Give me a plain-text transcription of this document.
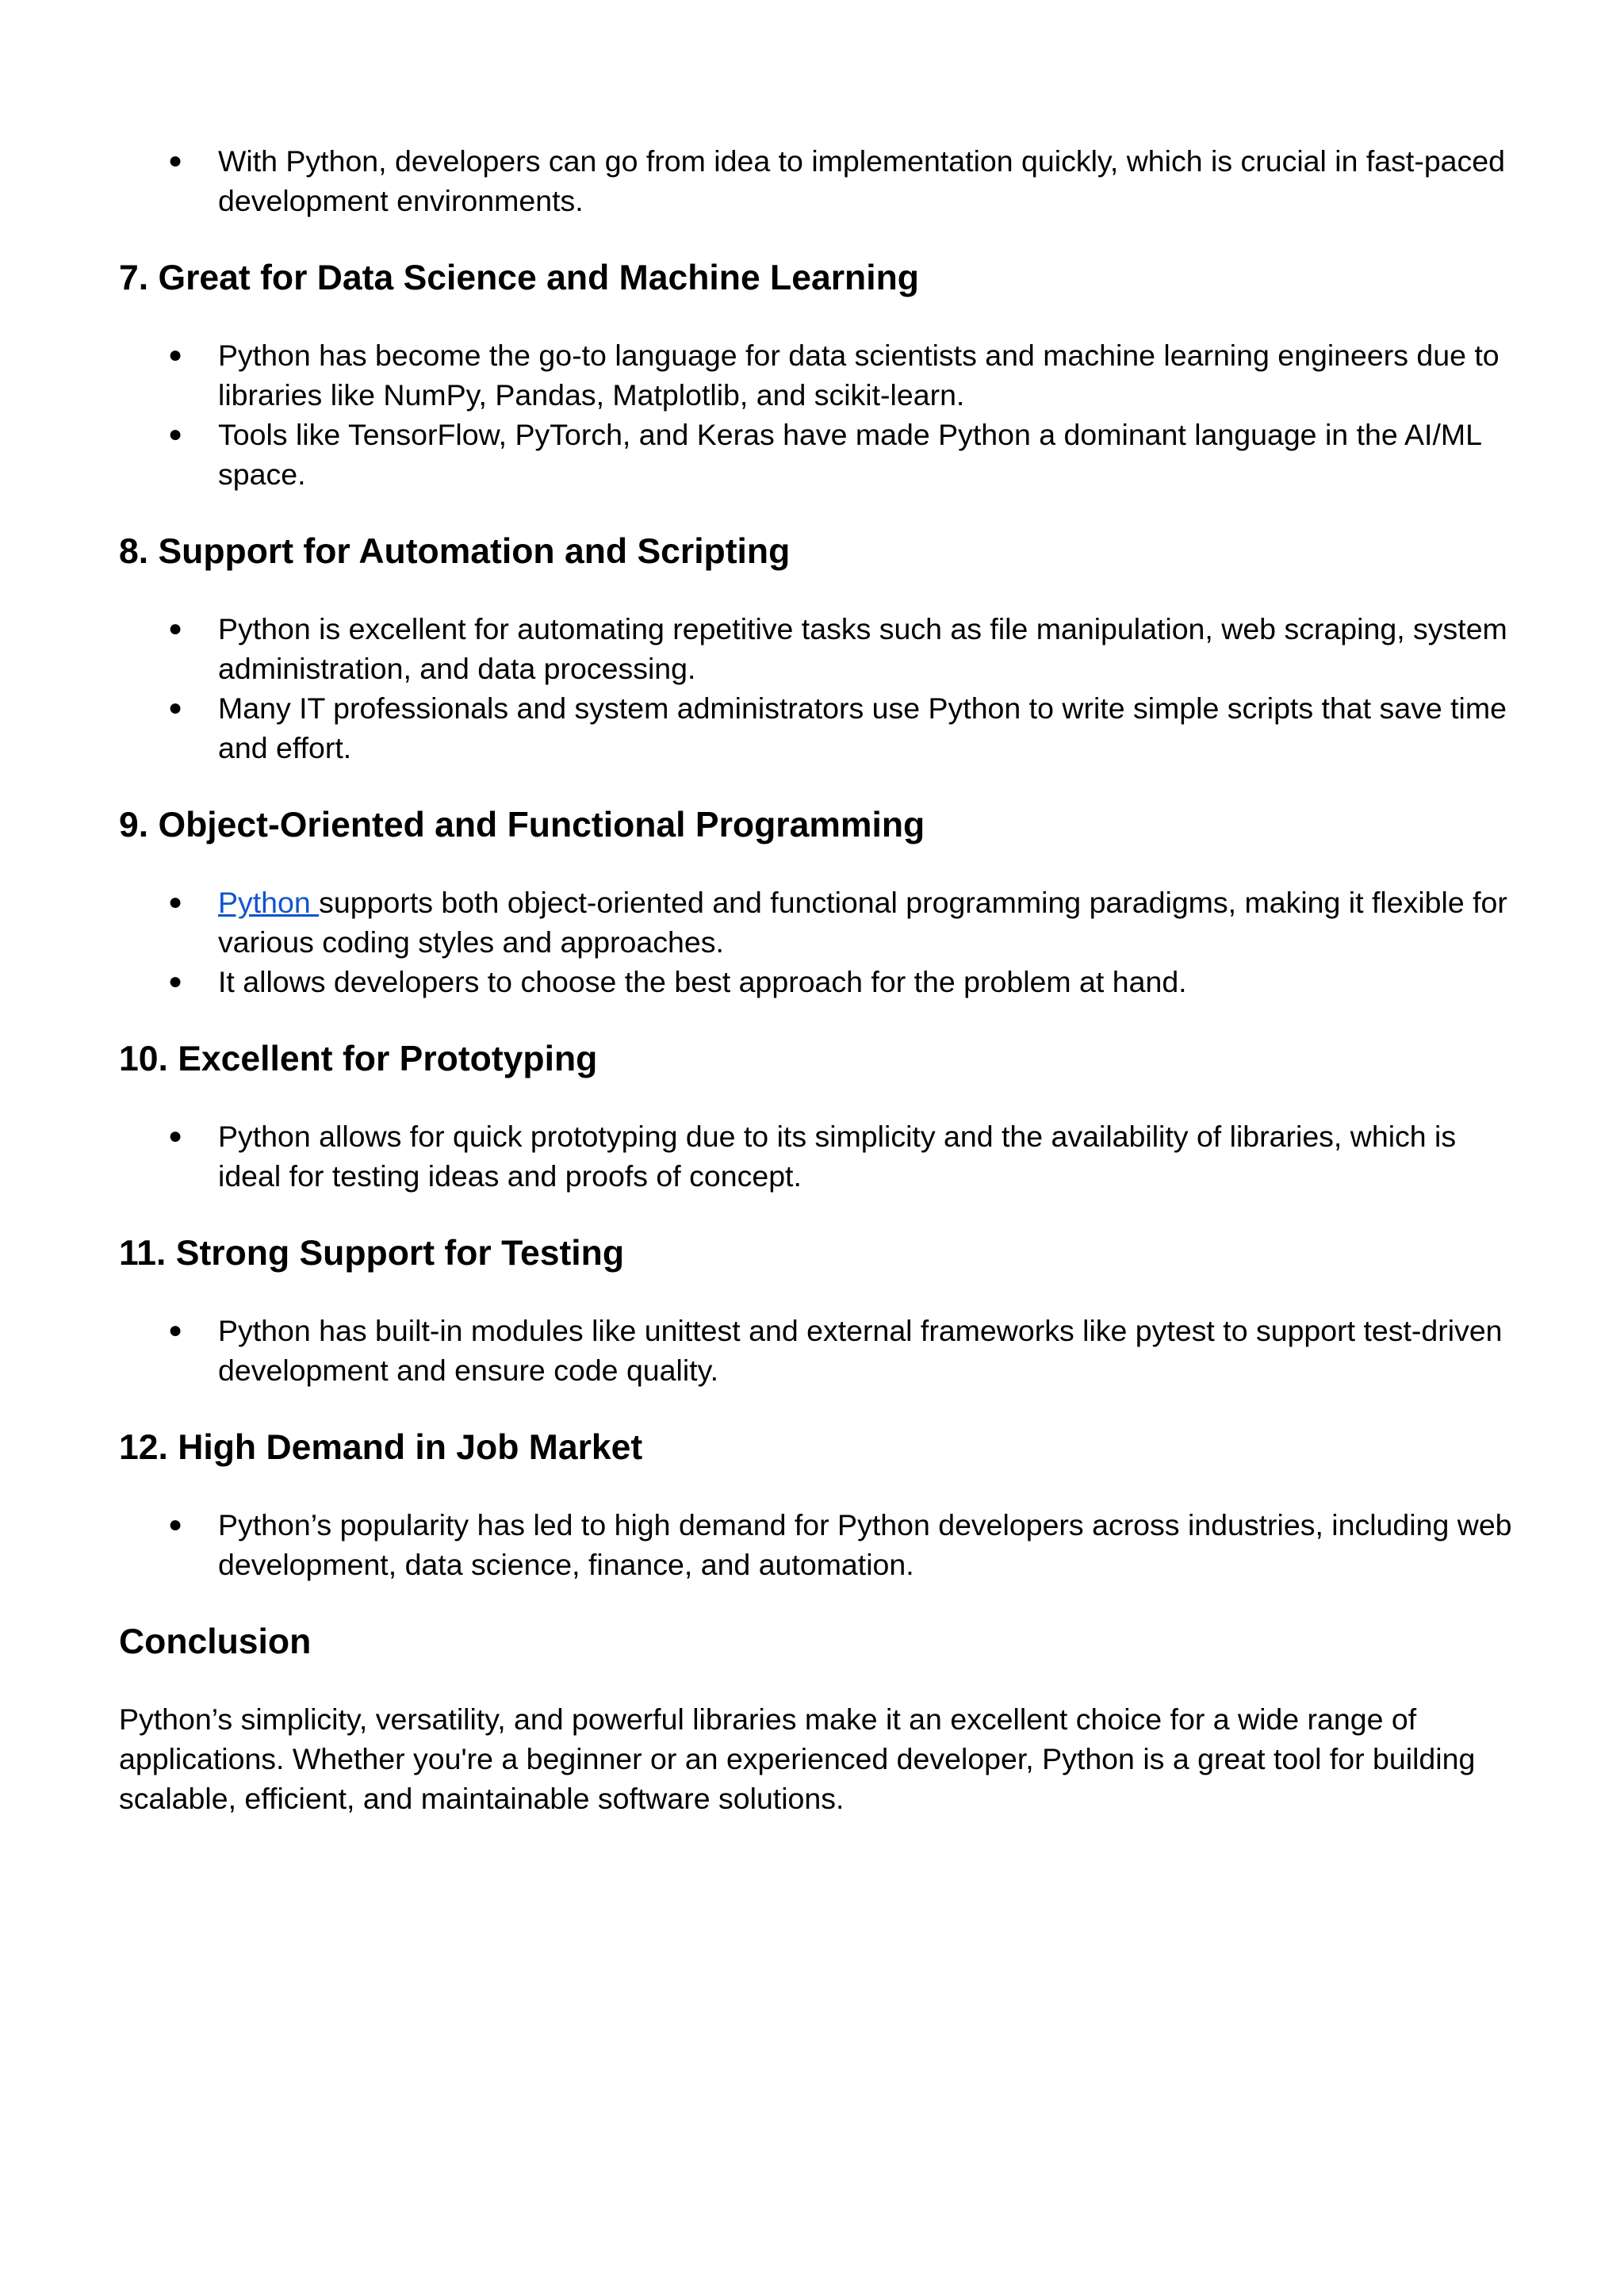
● With Python, developers can go from idea to implementation quickly, which is crucial in fast-paced development environments.
7. Great for Data Science and Machine Learning
● Python has become the go-to language for data scientists and machine learning engineers due to libraries like NumPy, Pandas, Matplotlib, and scikit-learn.
● Tools like TensorFlow, PyTorch, and Keras have made Python a dominant language in the AI/ML space.
8. Support for Automation and Scripting
● Python is excellent for automating repetitive tasks such as file manipulation, web scraping, system administration, and data processing.
● Many IT professionals and system administrators use Python to write simple scripts that save time and effort.
9. Object-Oriented and Functional Programming
● Python supports both object-oriented and functional programming paradigms, making it flexible for various coding styles and approaches.
● It allows developers to choose the best approach for the problem at hand.
10. Excellent for Prototyping
● Python allows for quick prototyping due to its simplicity and the availability of libraries, which is ideal for testing ideas and proofs of concept.
11. Strong Support for Testing
● Python has built-in modules like unittest and external frameworks like pytest to support test-driven development and ensure code quality.
12. High Demand in Job Market
● Python’s popularity has led to high demand for Python developers across industries, including web development, data science, finance, and automation.
Conclusion

Python’s simplicity, versatility, and powerful libraries make it an excellent choice for a wide range of applications. Whether you're a beginner or an experienced developer, Python is a great tool for building scalable, efficient, and maintainable software solutions.
